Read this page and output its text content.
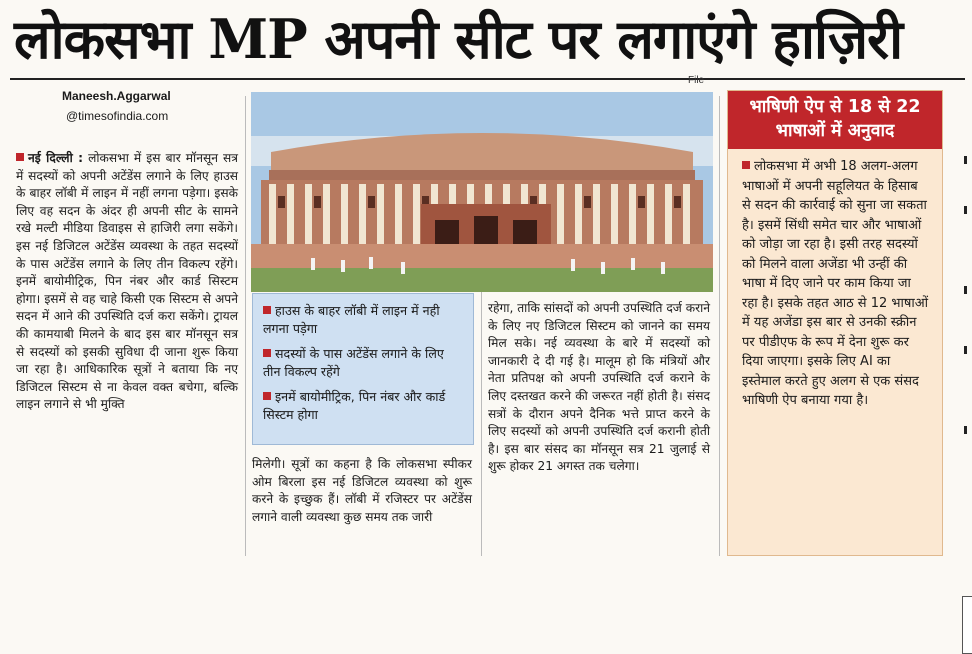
लोकसभा MP अपनी सीट पर लगाएंगे हाज़िरी
Maneesh.Aggarwal
@timesofindia.com
File
नई दिल्ली : लोकसभा में इस बार मॉनसून सत्र में सदस्यों को अपनी अटेंडेंस लगाने के लिए हाउस के बाहर लॉबी में लाइन में नहीं लगना पड़ेगा। इसके लिए वह सदन के अंदर ही अपनी सीट के सामने रखे मल्टी मीडिया डिवाइस से हाजिरी लगा सकेंगे। इस नई डिजिटल अटेंडेंस व्यवस्था के तहत सदस्यों के पास अटेंडेंस लगाने के लिए तीन विकल्प रहेंगे। इनमें बायोमीट्रिक, पिन नंबर और कार्ड सिस्टम होगा। इसमें से वह चाहे किसी एक सिस्टम से अपने सदन में आने की उपस्थिति दर्ज करा सकेंगे। ट्रायल की कामयाबी मिलने के बाद इस बार मॉनसून सत्र से सदस्यों को इसकी सुविधा दी जाना शुरू किया जा रहा है। आधिकारिक सूत्रों ने बताया कि नए डिजिटल सिस्टम से ना केवल वक्त बचेगा, बल्कि लाइन लगाने से भी मुक्ति
हाउस के बाहर लॉबी में लाइन में नही लगना पड़ेगा
सदस्यों के पास अटेंडेंस लगाने के लिए तीन विकल्प रहेंगे
इनमें बायोमीट्रिक, पिन नंबर और कार्ड सिस्टम होगा
मिलेगी। सूत्रों का कहना है कि लोकसभा स्पीकर ओम बिरला इस नई डिजिटल व्यवस्था को शुरू करने के इच्छुक हैं। लॉबी में रजिस्टर पर अटेंडेंस लगाने वाली व्यवस्था कुछ समय तक जारी
रहेगा, ताकि सांसदों को अपनी उपस्थिति दर्ज कराने के लिए नए डिजिटल सिस्टम को जानने का समय मिल सके। नई व्यवस्था के बारे में सदस्यों को जानकारी दे दी गई है। मालूम हो कि मंत्रियों और नेता प्रतिपक्ष को अपनी उपस्थिति दर्ज कराने के लिए दस्तखत करने की जरूरत नहीं होती है। संसद सत्रों के दौरान अपने दैनिक भत्ते प्राप्त करने के लिए सदस्यों को अपनी उपस्थिति दर्ज करानी होती है। इस बार संसद का मॉनसून सत्र 21 जुलाई से शुरू होकर 21 अगस्त तक चलेगा।
भाषिणी ऐप से 18 से 22 भाषाओं में अनुवाद
लोकसभा में अभी 18 अलग-अलग भाषाओं में अपनी सहूलियत के हिसाब से सदन की कार्रवाई को सुना जा सकता है। इसमें सिंधी समेत चार और भाषाओं को जोड़ा जा रहा है। इसी तरह सदस्यों को मिलने वाला अजेंडा भी उन्हीं की भाषा में दिए जाने पर काम किया जा रहा है। इसके तहत आठ से 12 भाषाओं में यह अजेंडा इस बार से उनकी स्क्रीन पर पीडीएफ के रूप में देना शुरू कर दिया जाएगा। इसके लिए AI का इस्तेमाल करते हुए अलग से एक संसद भाषिणी ऐप बनाया गया है।
